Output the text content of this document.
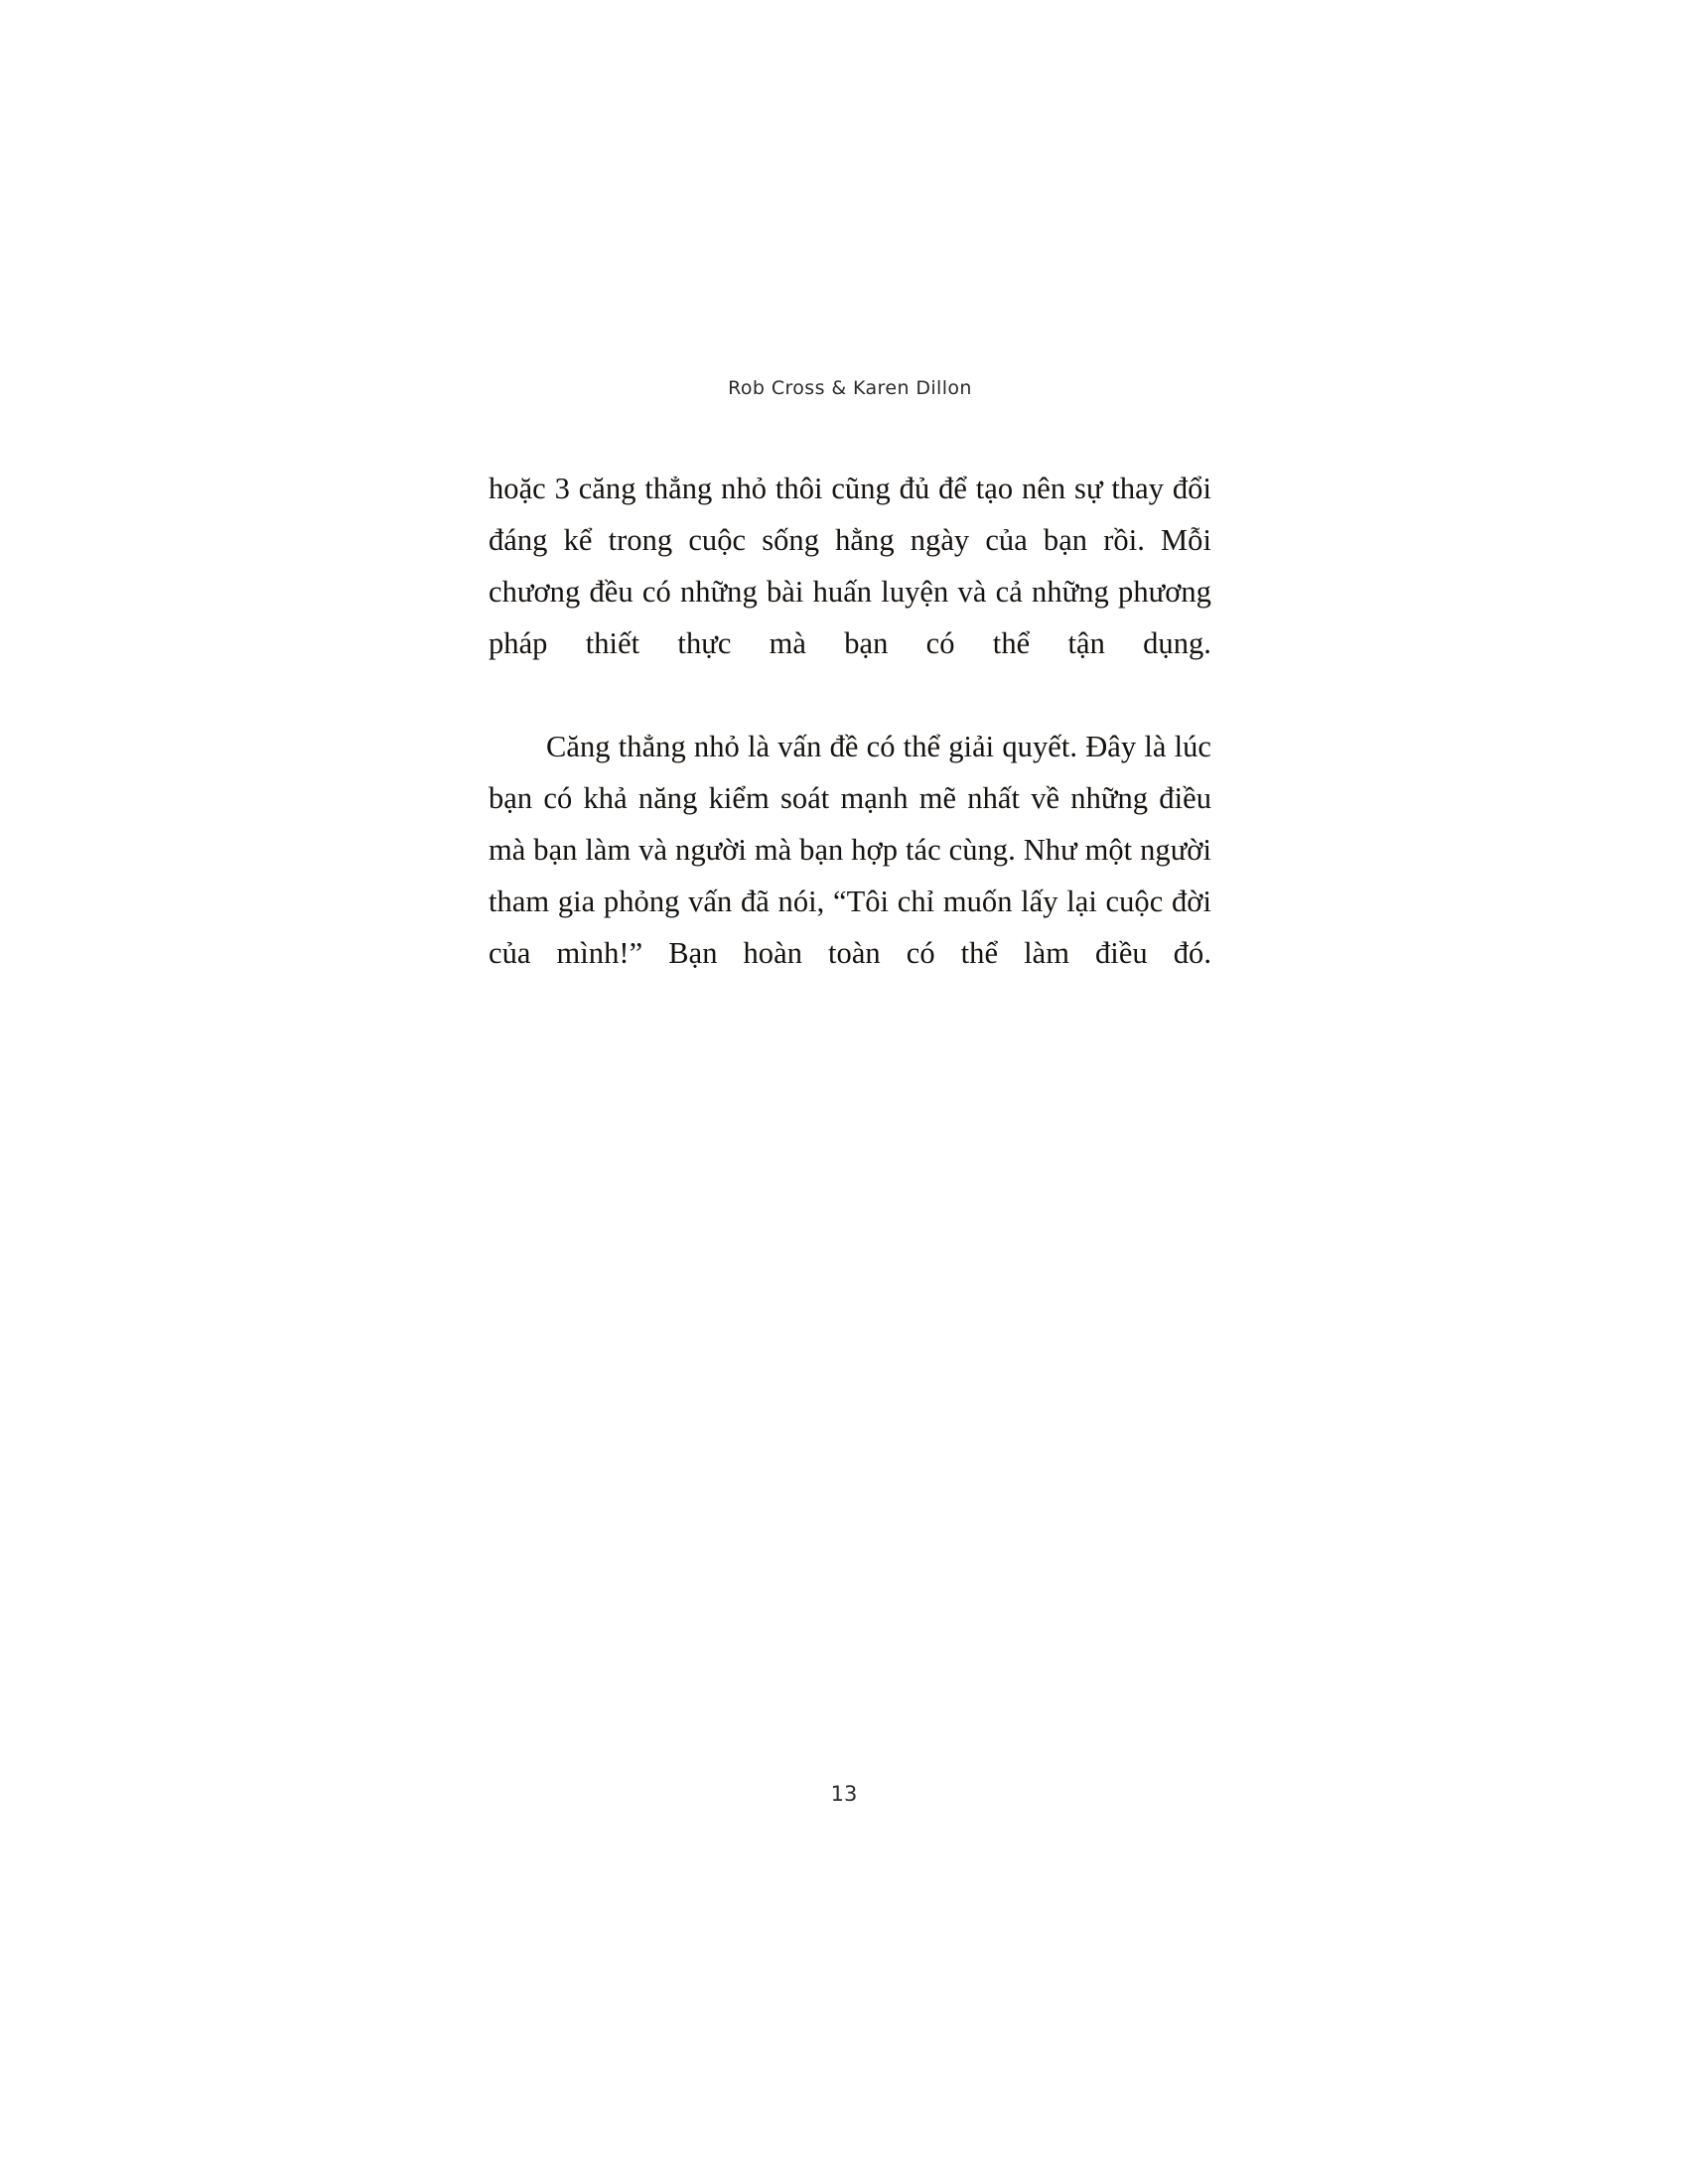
Rob Cross & Karen Dillon

hoặc 3 căng thẳng nhỏ thôi cũng đủ để tạo nên sự thay đổi đáng kể trong cuộc sống hằng ngày của bạn rồi. Mỗi chương đều có những bài huấn luyện và cả những phương pháp thiết thực mà bạn có thể tận dụng.

Căng thẳng nhỏ là vấn đề có thể giải quyết. Đây là lúc bạn có khả năng kiểm soát mạnh mẽ nhất về những điều mà bạn làm và người mà bạn hợp tác cùng. Như một người tham gia phỏng vấn đã nói, “Tôi chỉ muốn lấy lại cuộc đời của mình!” Bạn hoàn toàn có thể làm điều đó.

13
